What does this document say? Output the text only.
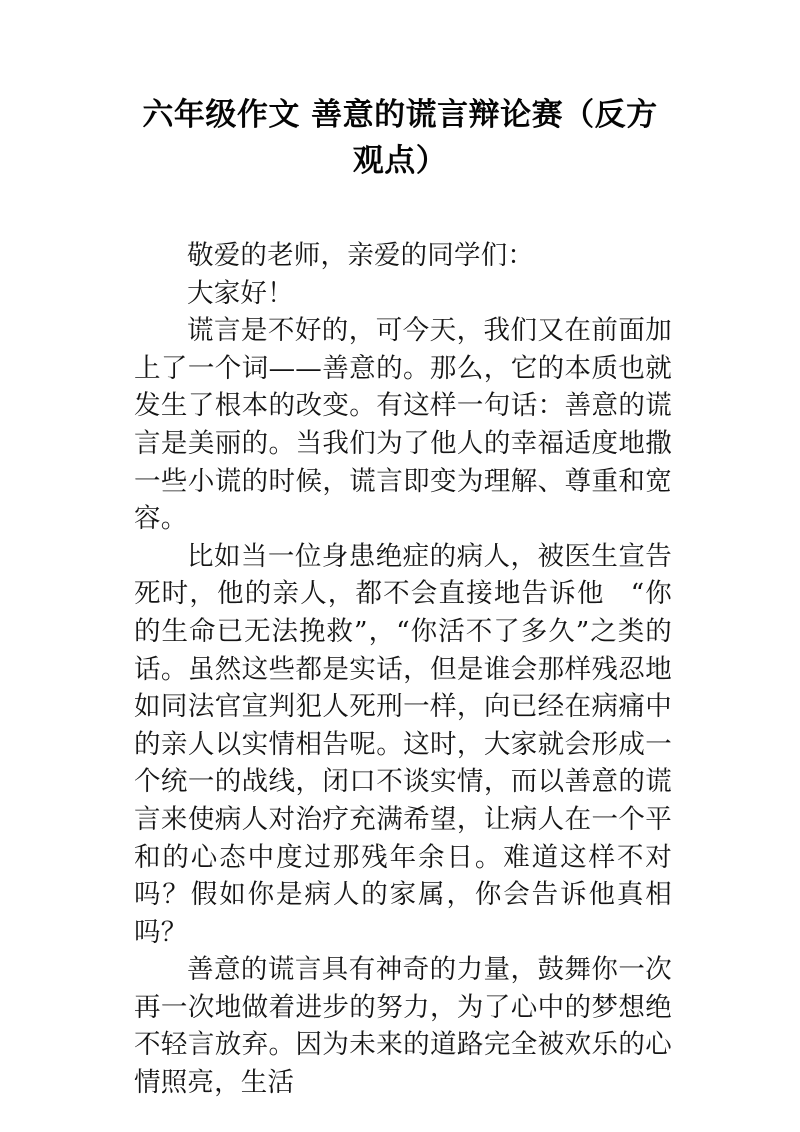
六年级作文 善意的谎言辩论赛（反方
观点）

敬爱的老师，亲爱的同学们：

大家好！

谎言是不好的，可今天，我们又在前面加上了一个词——善意的。那么，它的本质也就发生了根本的改变。有这样一句话：善意的谎言是美丽的。当我们为了他人的幸福适度地撒一些小谎的时候，谎言即变为理解、尊重和宽容。

比如当一位身患绝症的病人，被医生宣告死时，他的亲人，都不会直接地告诉他 “你的生命已无法挽救”，“你活不了多久”之类的话。虽然这些都是实话，但是谁会那样残忍地如同法官宣判犯人死刑一样，向已经在病痛中的亲人以实情相告呢。这时，大家就会形成一个统一的战线，闭口不谈实情，而以善意的谎言来使病人对治疗充满希望，让病人在一个平和的心态中度过那残年余日。难道这样不对吗？假如你是病人的家属，你会告诉他真相吗？

善意的谎言具有神奇的力量，鼓舞你一次再一次地做着进步的努力，为了心中的梦想绝不轻言放弃。因为未来的道路完全被欢乐的心情照亮，生活
